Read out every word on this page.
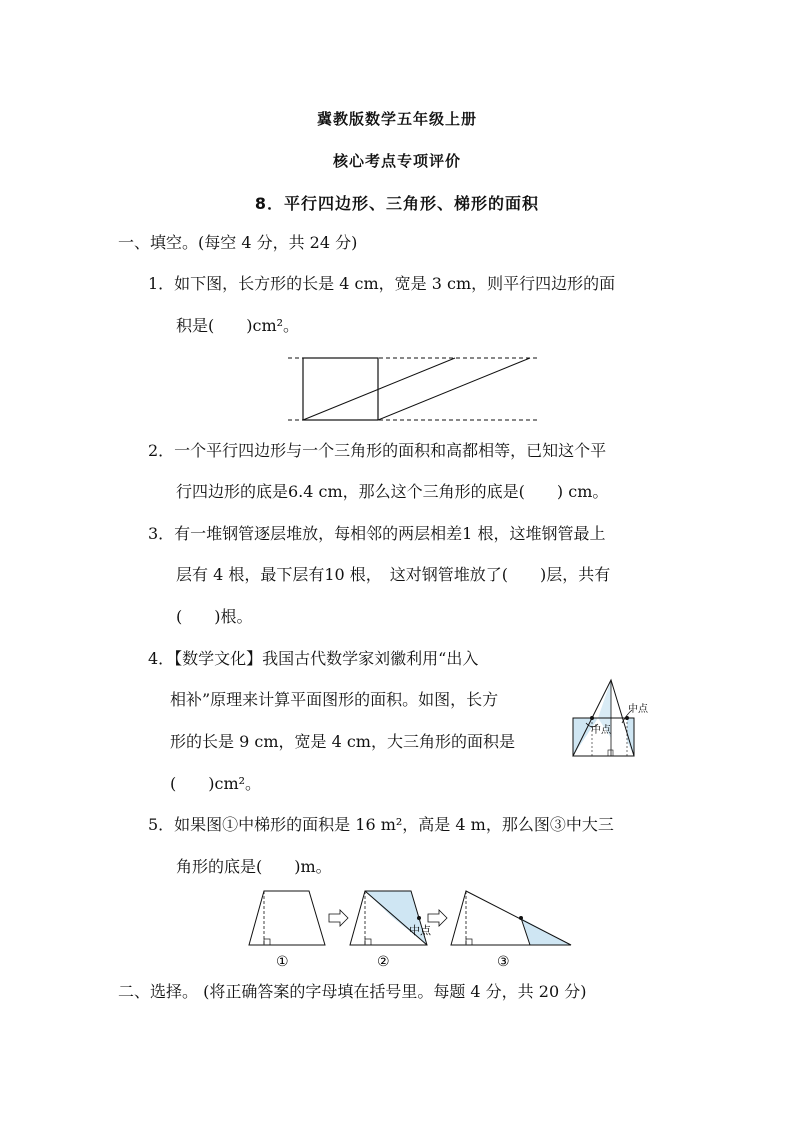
冀教版数学五年级上册
核心考点专项评价
8．平行四边形、三角形、梯形的面积
一、填空。(每空 4 分，共 24 分)
1．如下图，长方形的长是 4 cm，宽是 3 cm，则平行四边形的面
积是(　　)cm²。
2．一个平行四边形与一个三角形的面积和高都相等，已知这个平
行四边形的底是6.4 cm，那么这个三角形的底是(　　) cm。
3．有一堆钢管逐层堆放，每相邻的两层相差1 根，这堆钢管最上
层有 4 根，最下层有10 根，　这对钢管堆放了(　　)层，共有
(　　)根。
4．【数学文化】我国古代数学家刘徽利用“出入
相补”原理来计算平面图形的面积。如图，长方
形的长是 9 cm，宽是 4 cm，大三角形的面积是
(　　)cm²。
中点
中点
5．如果图①中梯形的面积是 16 m²，高是 4 m，那么图③中大三
角形的底是(　　)m。
①
中点
②	③
二、选择。 (将正确答案的字母填在括号里。每题 4 分，共 20 分)
